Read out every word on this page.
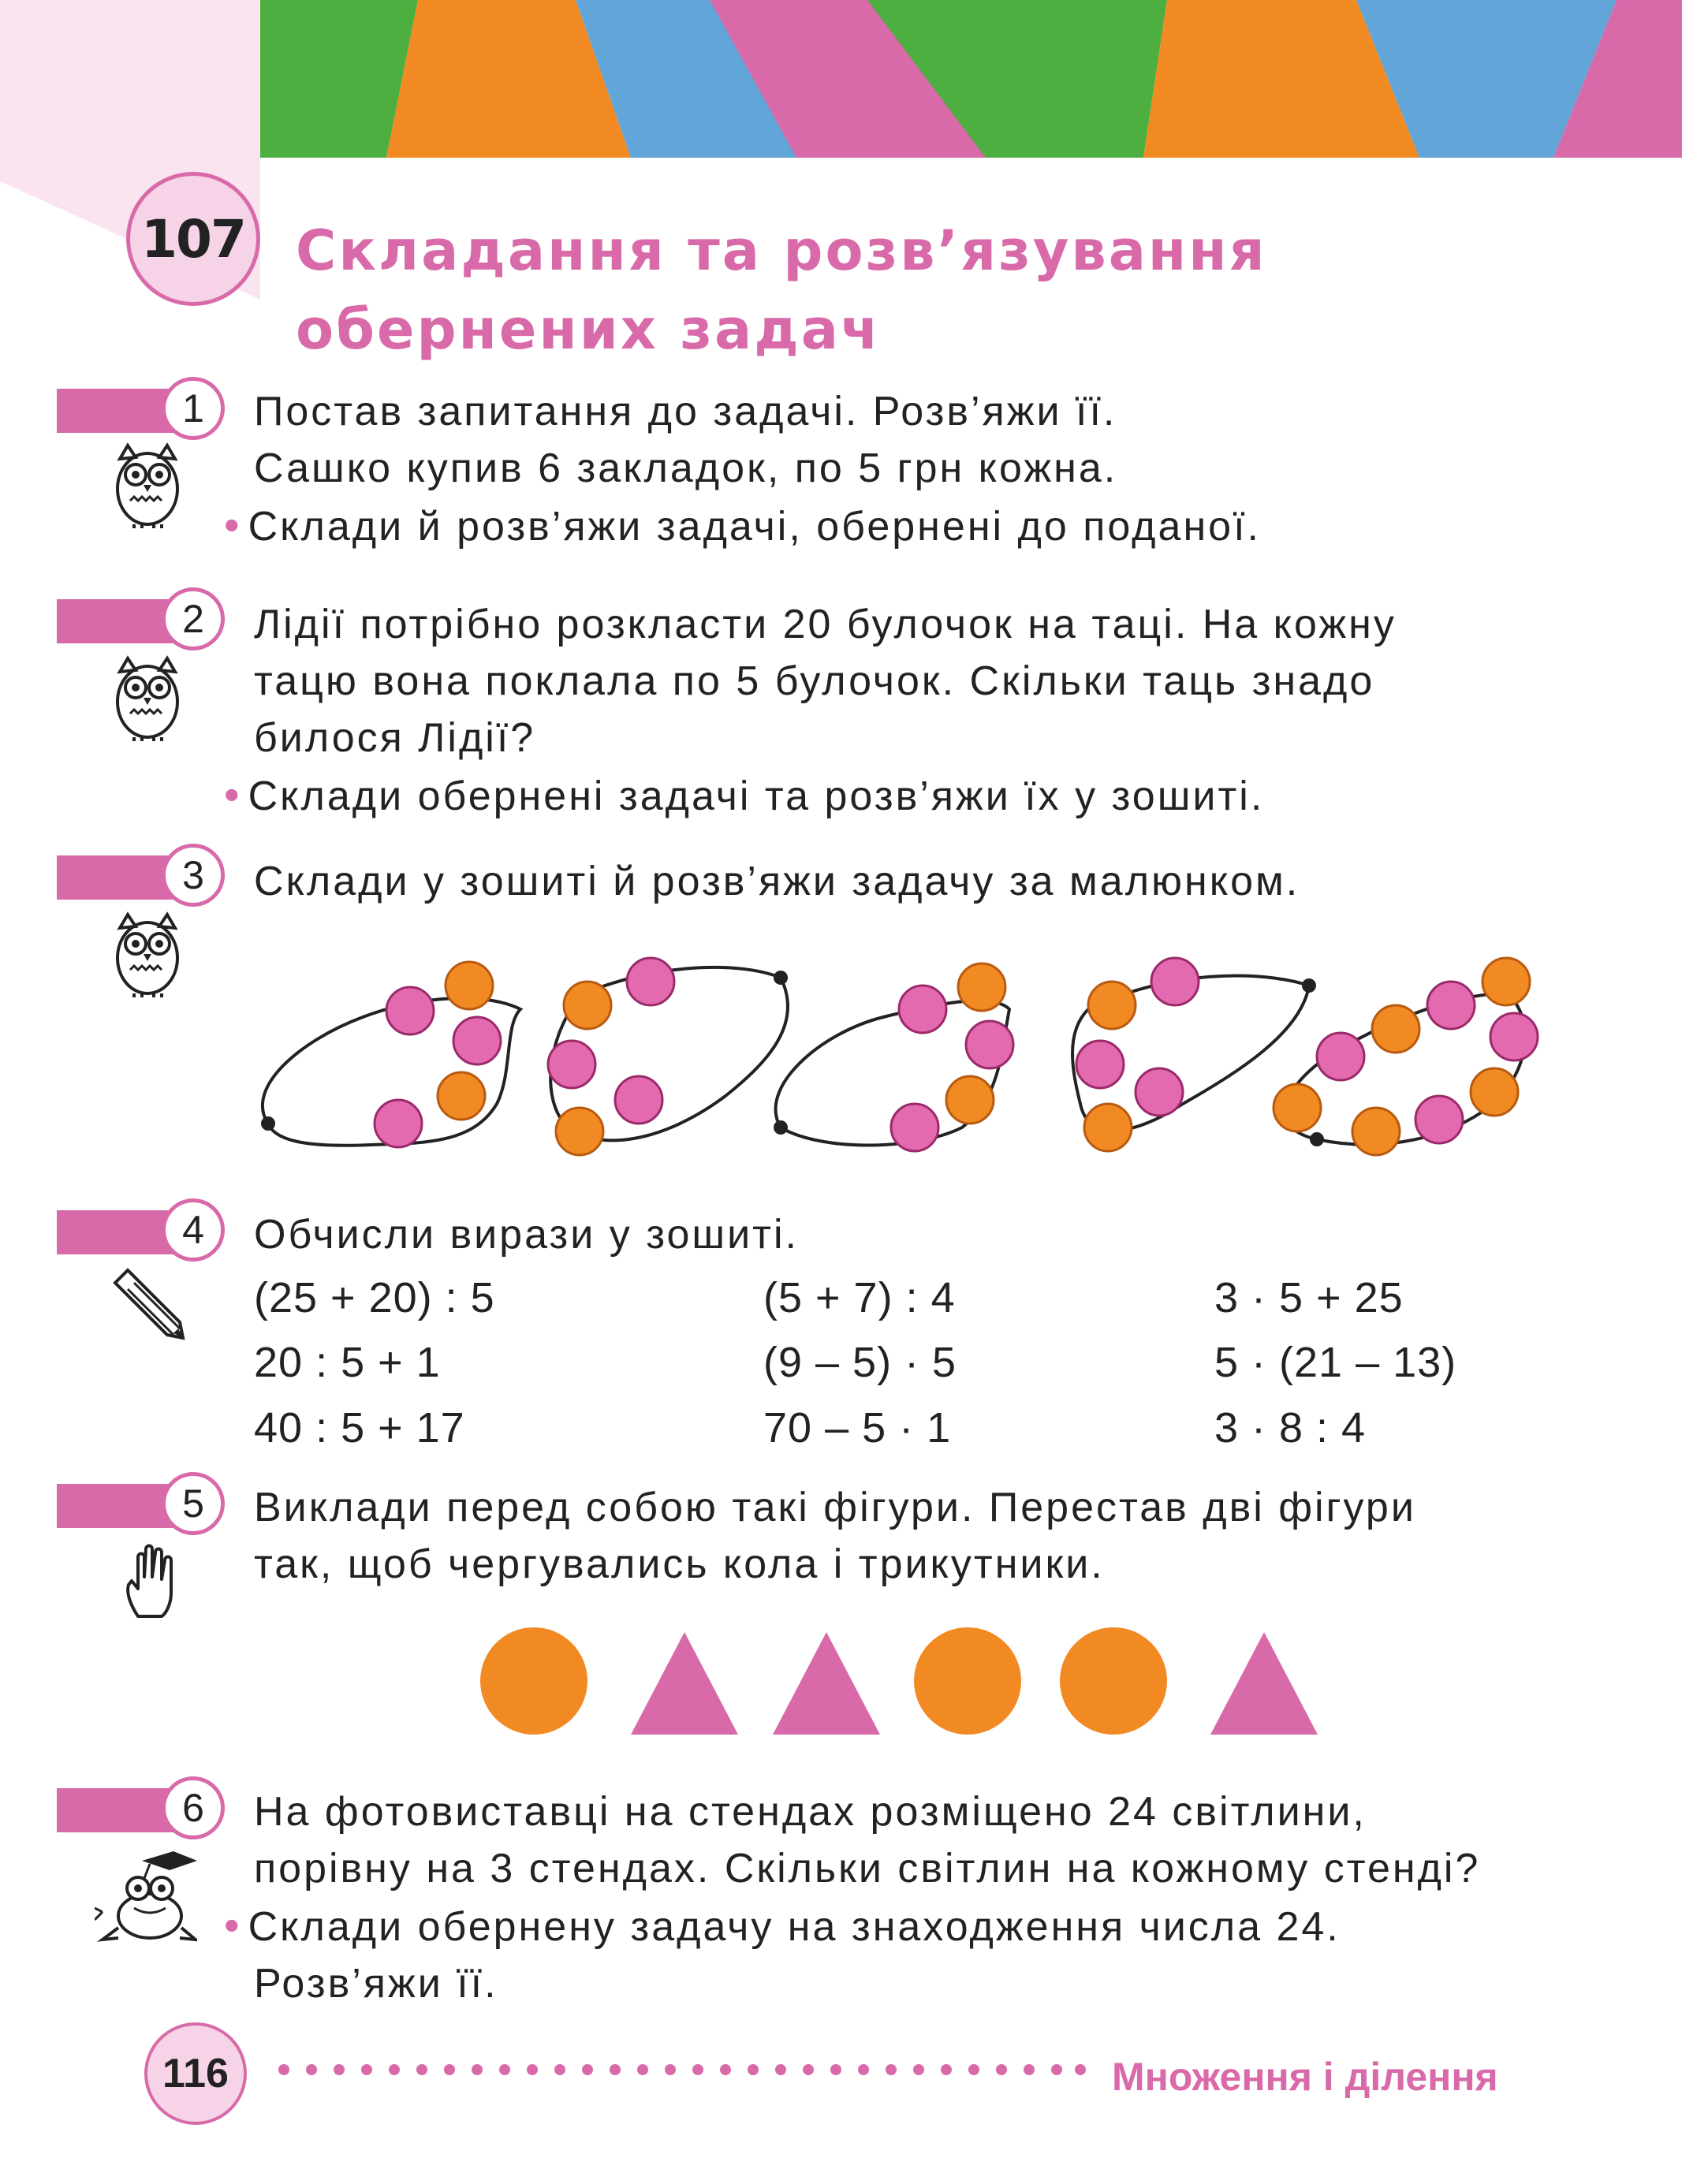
107 Складання та розв’язування
обернених задач
1	Постав запитання до задачі. Розв’яжи її.
Сашко купив 6 закладок, по 5 грн кожна.
• Склади й розв’яжи задачі, обернені до поданої.
2	Лідії потрібно розкласти 20 булочок на таці. На кожну
тацю вона поклала по 5 булочок. Скільки таць знадо
билося Лідії?
• Склади обернені задачі та розв’яжи їх у зошиті.
3	Склади у зошиті й розв’яжи задачу за малюнком.
4	Обчисли вирази у зошиті.
(25 + 20) : 5	(5 + 7) : 4	3 · 5 + 25
20 : 5 + 1	(9 – 5) · 5	5 · (21 – 13)
40 : 5 + 17	70 – 5 · 1	3 · 8 : 4
5	Виклади перед собою такі фігури. Перестав дві фігури
так, щоб чергувались кола і трикутники.
6	На фотовиставці на стендах розміщено 24 світлини,
порівну на 3 стендах. Скільки світлин на кожному стенді?
• Склади обернену задачу на знаходження числа 24.
Розв’яжи її.
116	Множення і ділення
